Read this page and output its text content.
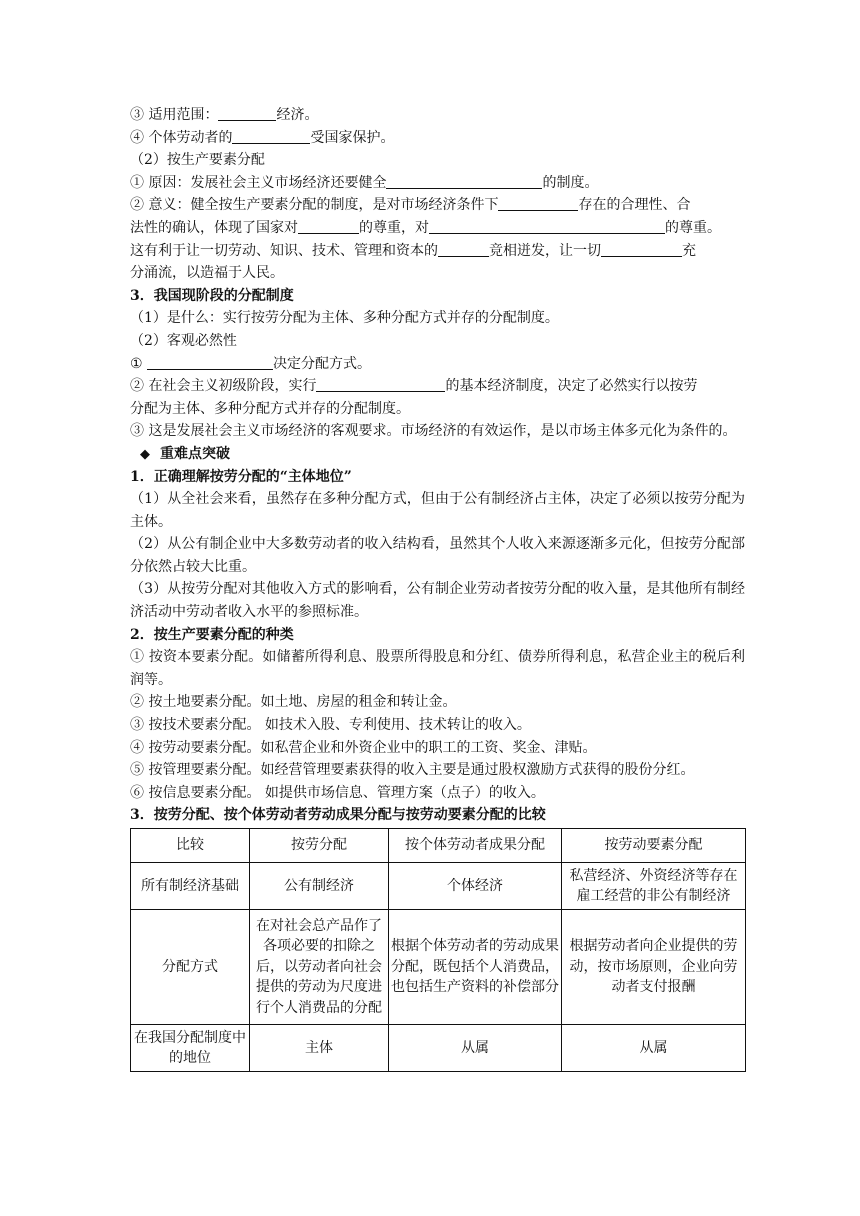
③ 适用范围：	经济。
④ 个体劳动者的	受国家保护。
（2）按生产要素分配
① 原因：发展社会主义市场经济还要健全	的制度。
② 意义：健全按生产要素分配的制度，是对市场经济条件下	存在的合理性、合
法性的确认，体现了国家对	的尊重，对	的尊重。
这有利于让一切劳动、知识、技术、管理和资本的	竞相迸发，让一切	充
分涌流，以造福于人民。
3．我国现阶段的分配制度
（1）是什么：实行按劳分配为主体、多种分配方式并存的分配制度。
（2）客观必然性
①	决定分配方式。
② 在社会主义初级阶段，实行	的基本经济制度，决定了必然实行以按劳
分配为主体、多种分配方式并存的分配制度。
③ 这是发展社会主义市场经济的客观要求。市场经济的有效运作，是以市场主体多元化为条件的。
◆ 重难点突破
1．正确理解按劳分配的“主体地位”
（1）从全社会来看，虽然存在多种分配方式，但由于公有制经济占主体，决定了必须以按劳分配为主体。
（2）从公有制企业中大多数劳动者的收入结构看，虽然其个人收入来源逐渐多元化，但按劳分配部分依然占较大比重。
（3）从按劳分配对其他收入方式的影响看，公有制企业劳动者按劳分配的收入量，是其他所有制经济活动中劳动者收入水平的参照标准。
2．按生产要素分配的种类
① 按资本要素分配。如储蓄所得利息、股票所得股息和分红、债券所得利息，私营企业主的税后利润等。
② 按土地要素分配。如土地、房屋的租金和转让金。
③ 按技术要素分配。 如技术入股、专利使用、技术转让的收入。
④ 按劳动要素分配。如私营企业和外资企业中的职工的工资、奖金、津贴。
⑤ 按管理要素分配。如经营管理要素获得的收入主要是通过股权激励方式获得的股份分红。
⑥ 按信息要素分配。 如提供市场信息、管理方案（点子）的收入。
3．按劳分配、按个体劳动者劳动成果分配与按劳动要素分配的比较
比较	按劳分配	按个体劳动者成果分配	按劳动要素分配
所有制经济基础	公有制经济	个体经济	私营经济、外资经济等存在雇工经营的非公有制经济
分配方式	在对社会总产品作了各项必要的扣除之后，以劳动者向社会提供的劳动为尺度进行个人消费品的分配	根据个体劳动者的劳动成果分配，既包括个人消费品，也包括生产资料的补偿部分	根据劳动者向企业提供的劳动，按市场原则，企业向劳动者支付报酬
在我国分配制度中的地位	主体	从属	从属
